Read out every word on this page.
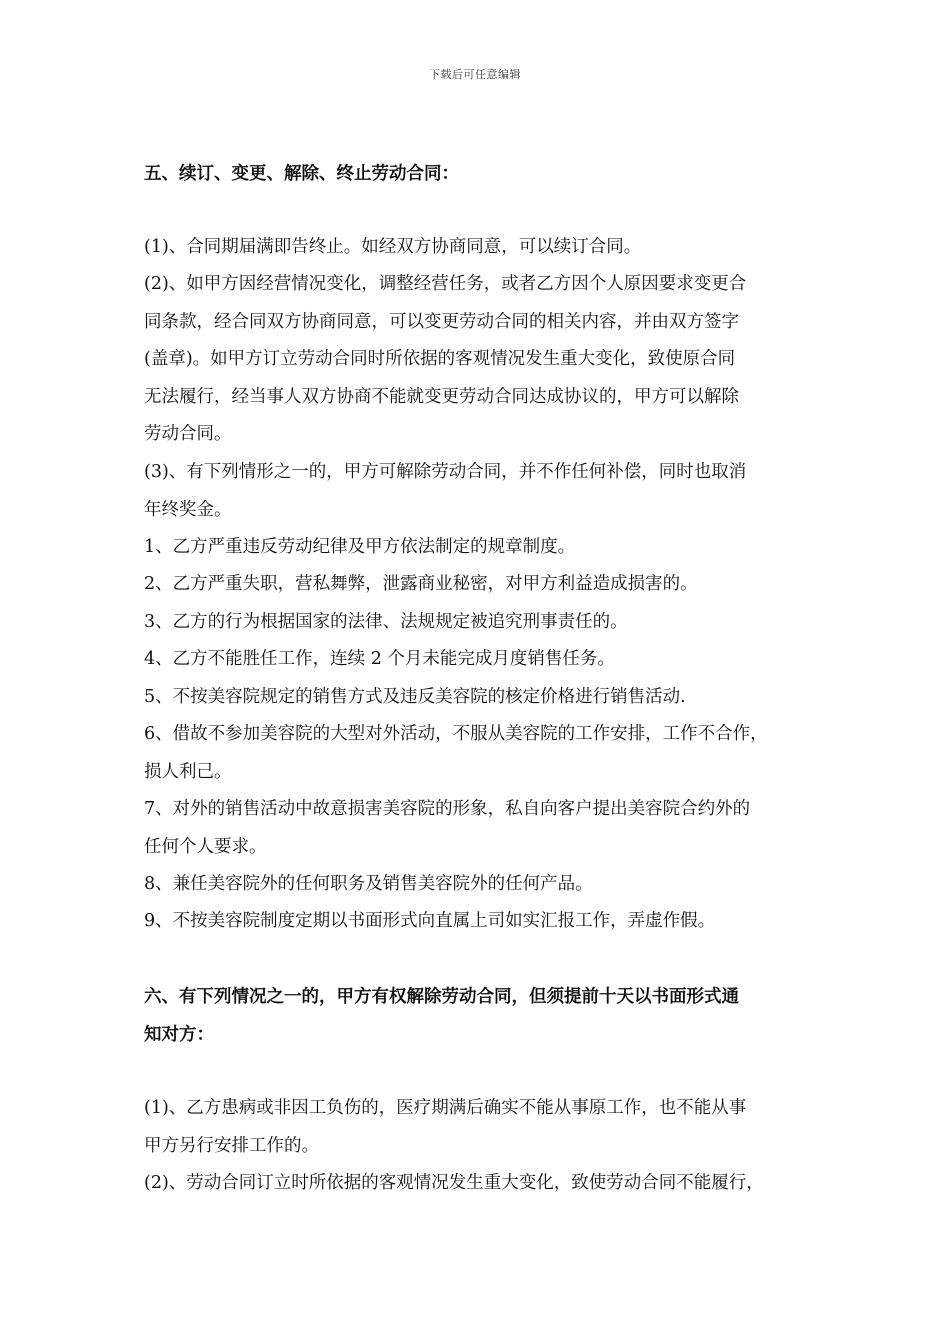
下载后可任意编辑
五、续订、变更、解除、终止劳动合同：
(1)、合同期届满即告终止。如经双方协商同意，可以续订合同。
(2)、如甲方因经营情况变化，调整经营任务，或者乙方因个人原因要求变更合
同条款，经合同双方协商同意，可以变更劳动合同的相关内容，并由双方签字
(盖章)。如甲方订立劳动合同时所依据的客观情况发生重大变化，致使原合同
无法履行，经当事人双方协商不能就变更劳动合同达成协议的，甲方可以解除
劳动合同。
(3)、有下列情形之一的，甲方可解除劳动合同，并不作任何补偿，同时也取消
年终奖金。
1、乙方严重违反劳动纪律及甲方依法制定的规章制度。
2、乙方严重失职，营私舞弊，泄露商业秘密，对甲方利益造成损害的。
3、乙方的行为根据国家的法律、法规规定被追究刑事责任的。
4、乙方不能胜任工作，连续 2 个月未能完成月度销售任务。
5、不按美容院规定的销售方式及违反美容院的核定价格进行销售活动.
6、借故不参加美容院的大型对外活动，不服从美容院的工作安排，工作不合作，
损人利己。
7、对外的销售活动中故意损害美容院的形象，私自向客户提出美容院合约外的
任何个人要求。
8、兼任美容院外的任何职务及销售美容院外的任何产品。
9、不按美容院制度定期以书面形式向直属上司如实汇报工作，弄虚作假。
六、有下列情况之一的，甲方有权解除劳动合同，但须提前十天以书面形式通
知对方：
(1)、乙方患病或非因工负伤的，医疗期满后确实不能从事原工作，也不能从事
甲方另行安排工作的。
(2)、劳动合同订立时所依据的客观情况发生重大变化，致使劳动合同不能履行，
